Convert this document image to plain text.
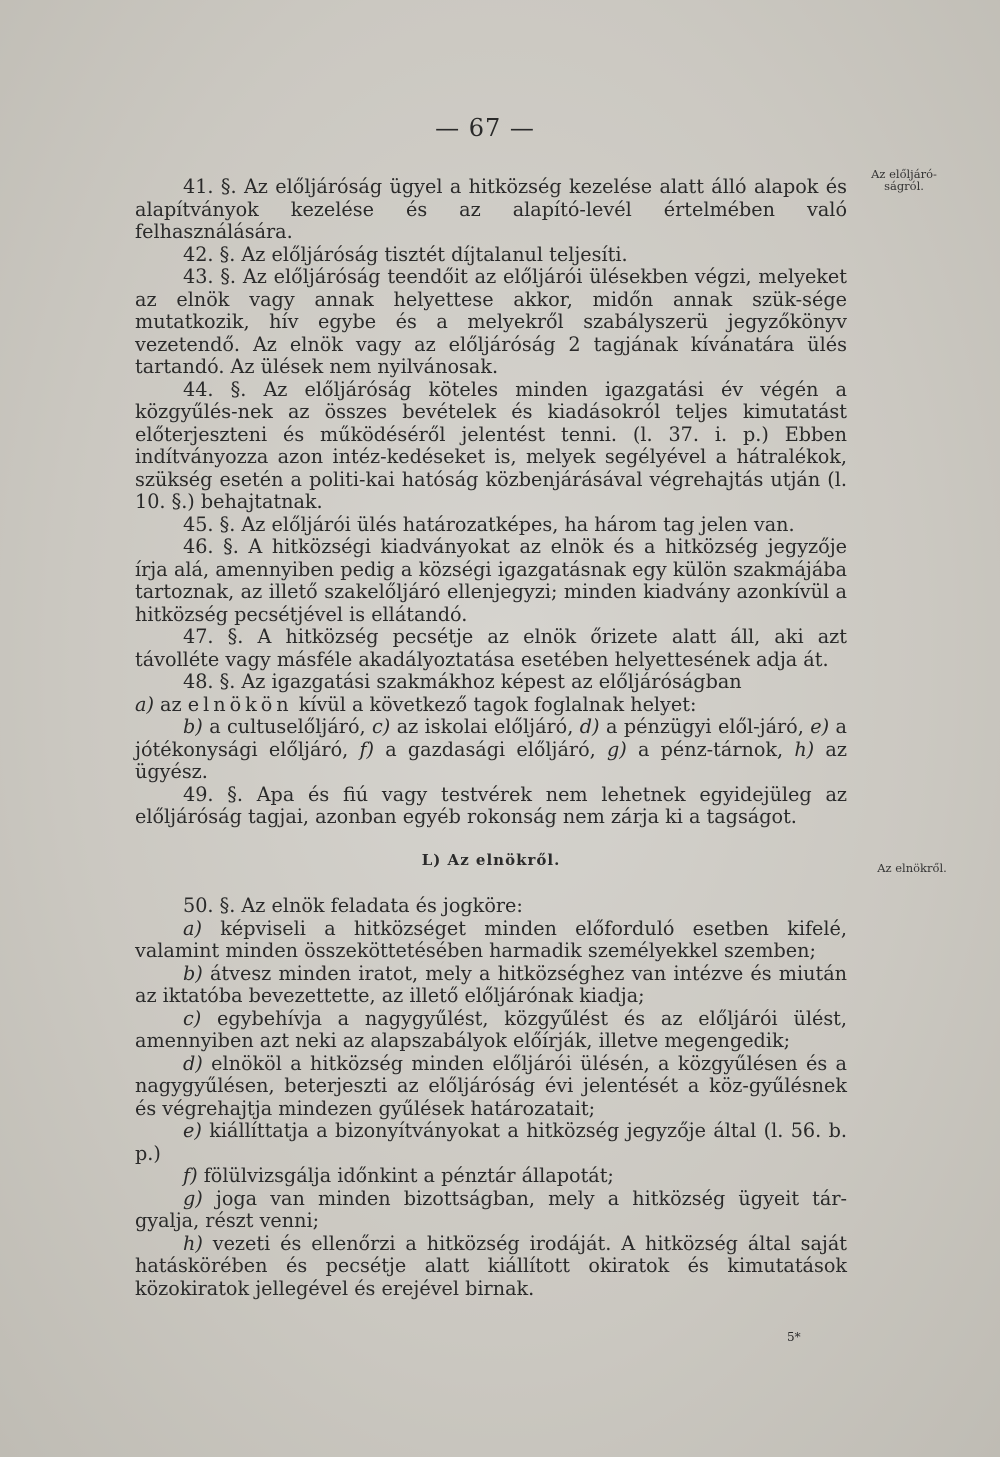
— 67 —
Az előljáró-
ságról.
Az elnökről.

41. §. Az előljáróság ügyel a hitközség kezelése alatt álló alapok és alapítványok kezelése és az alapító-levél értelmében való felhasználására.

42. §. Az előljáróság tisztét díjtalanul teljesíti.

43. §. Az előljáróság teendőit az előljárói ülésekben végzi, melyeket az elnök vagy annak helyettese akkor, midőn annak szük-sége mutatkozik, hív egybe és a melyekről szabályszerü jegyzőkönyv vezetendő. Az elnök vagy az előljáróság 2 tagjának kívánatára ülés tartandó. Az ülések nem nyilvánosak.

44. §. Az előljáróság köteles minden igazgatási év végén a közgyűlés-nek az összes bevételek és kiadásokról teljes kimutatást előterjeszteni és működéséről jelentést tenni. (l. 37. i. p.) Ebben indítványozza azon intéz-kedéseket is, melyek segélyével a hátralékok, szükség esetén a politi-kai hatóság közbenjárásával végrehajtás utján (l. 10. §.) behajtatnak.

45. §. Az előljárói ülés határozatképes, ha három tag jelen van.

46. §. A hitközségi kiadványokat az elnök és a hitközség jegyzője írja alá, amennyiben pedig a községi igazgatásnak egy külön szakmájába tartoznak, az illető szakelőljáró ellenjegyzi; minden kiadvány azonkívül a hitközség pecsétjével is ellátandó.

47. §. A hitközség pecsétje az elnök őrizete alatt áll, aki azt távolléte vagy másféle akadályoztatása esetében helyettesének adja át.

48. §. Az igazgatási szakmákhoz képest az előljáróságban

a) az elnökön kívül a következő tagok foglalnak helyet:

b) a cultuselőljáró, c) az iskolai előljáró, d) a pénzügyi elől-járó, e) a jótékonysági előljáró, f) a gazdasági előljáró, g) a pénz-tárnok, h) az ügyész.

49. §. Apa és fiú vagy testvérek nem lehetnek egyidejüleg az előljáróság tagjai, azonban egyéb rokonság nem zárja ki a tagságot.

L) Az elnökről.

50. §. Az elnök feladata és jogköre:

a) képviseli a hitközséget minden előforduló esetben kifelé, valamint minden összeköttetésében harmadik személyekkel szemben;

b) átvesz minden iratot, mely a hitközséghez van intézve és miután az iktatóba bevezettette, az illető előljárónak kiadja;

c) egybehívja a nagygyűlést, közgyűlést és az előljárói ülést, amennyiben azt neki az alapszabályok előírják, illetve megengedik;

d) elnököl a hitközség minden előljárói ülésén, a közgyűlésen és a nagygyűlésen, beterjeszti az előljáróság évi jelentését a köz-gyűlésnek és végrehajtja mindezen gyűlések határozatait;

e) kiállíttatja a bizonyítványokat a hitközség jegyzője által (l. 56. b. p.)

f) fölülvizsgálja időnkint a pénztár állapotát;

g) joga van minden bizottságban, mely a hitközség ügyeit tár-gyalja, részt venni;

h) vezeti és ellenőrzi a hitközség irodáját. A hitközség által saját hatáskörében és pecsétje alatt kiállított okiratok és kimutatások közokiratok jellegével és erejével birnak.

5*
